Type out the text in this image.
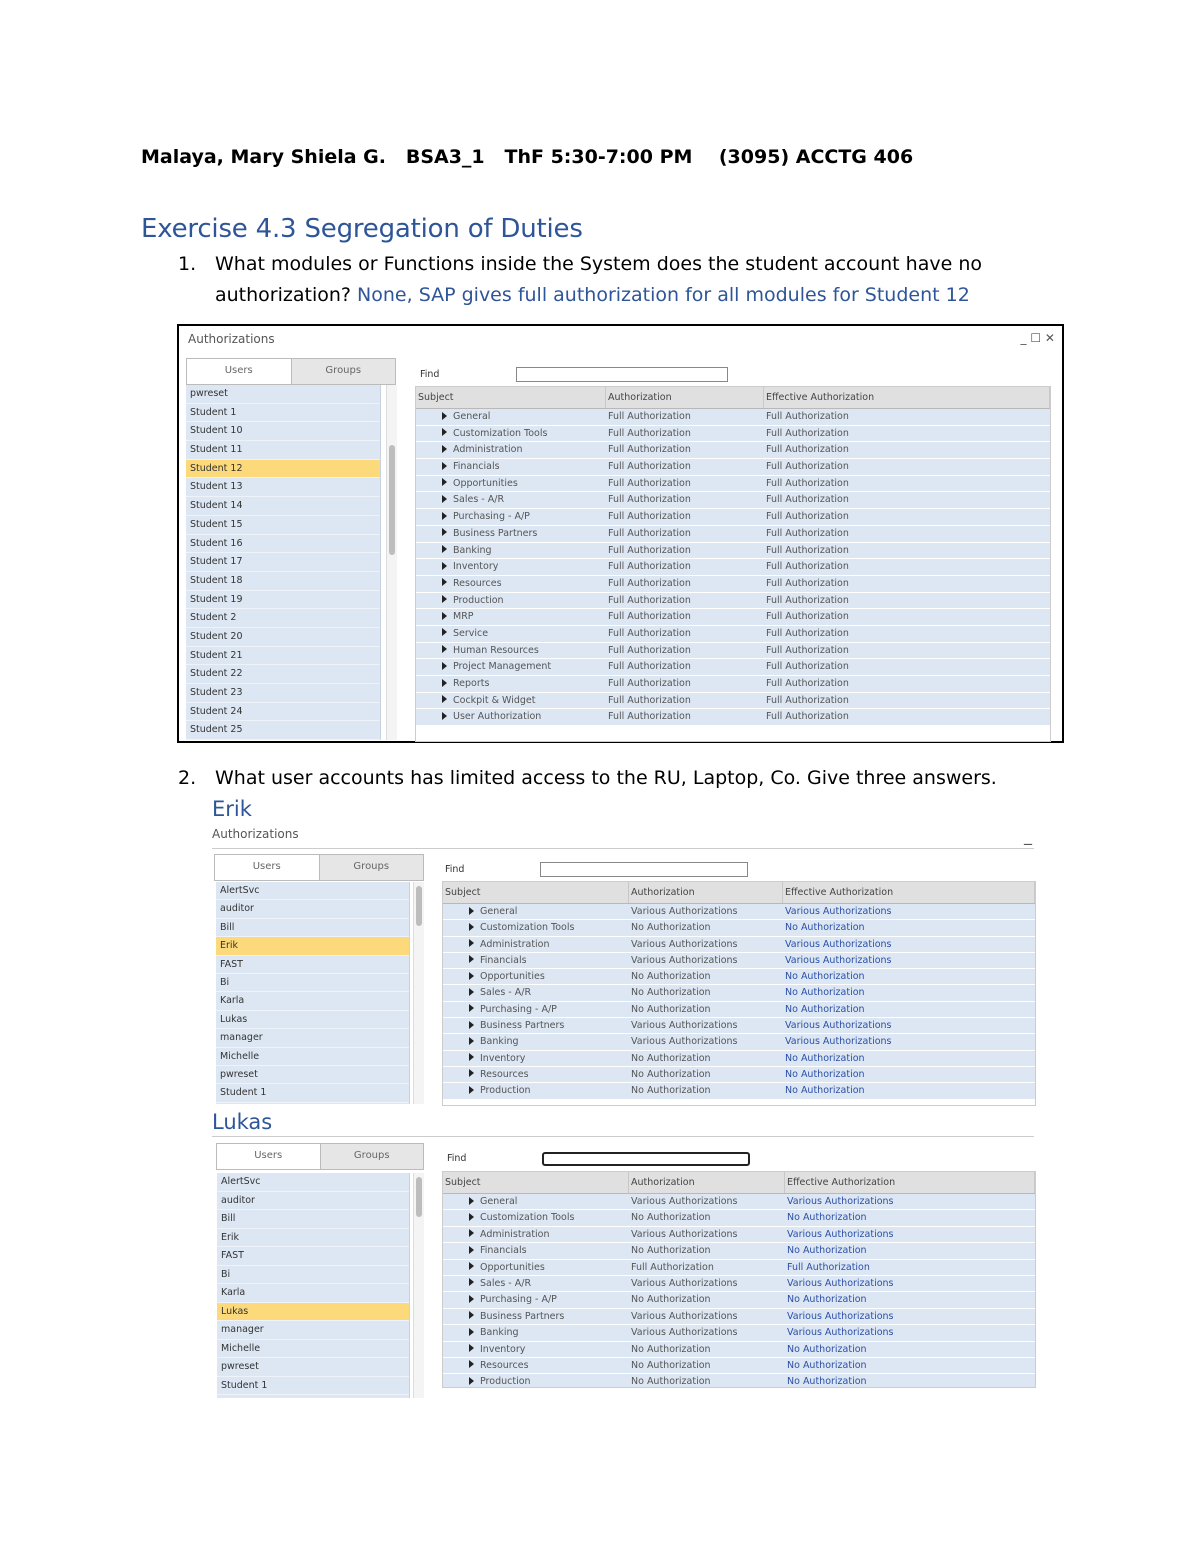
Malaya, Mary Shiela G.   BSA3_1   ThF 5:30-7:00 PM    (3095) ACCTG 406
Exercise 4.3 Segregation of Duties
1. What modules or Functions inside the System does the student account have no
authorization? None, SAP gives full authorization for all modules for Student 12
Authorizations	_ ☐ ✕
Users	Groups
pwreset
Student 1
Student 10
Student 11
Student 12
Student 13
Student 14
Student 15
Student 16
Student 17
Student 18
Student 19
Student 2
Student 20
Student 21
Student 22
Student 23
Student 24
Student 25
Find
Subject	Authorization	Effective Authorization
General	Full Authorization	Full Authorization
Customization Tools	Full Authorization	Full Authorization
Administration	Full Authorization	Full Authorization
Financials	Full Authorization	Full Authorization
Opportunities	Full Authorization	Full Authorization
Sales - A/R	Full Authorization	Full Authorization
Purchasing - A/P	Full Authorization	Full Authorization
Business Partners	Full Authorization	Full Authorization
Banking	Full Authorization	Full Authorization
Inventory	Full Authorization	Full Authorization
Resources	Full Authorization	Full Authorization
Production	Full Authorization	Full Authorization
MRP	Full Authorization	Full Authorization
Service	Full Authorization	Full Authorization
Human Resources	Full Authorization	Full Authorization
Project Management	Full Authorization	Full Authorization
Reports	Full Authorization	Full Authorization
Cockpit & Widget	Full Authorization	Full Authorization
User Authorization	Full Authorization	Full Authorization
2. What user accounts has limited access to the RU, Laptop, Co. Give three answers.
Erik
Authorizations	_
Users	Groups
AlertSvc
auditor
Bill
Erik
FAST
Bi
Karla
Lukas
manager
Michelle
pwreset
Student 1
Find
Subject	Authorization	Effective Authorization
General	Various Authorizations	Various Authorizations
Customization Tools	No Authorization	No Authorization
Administration	Various Authorizations	Various Authorizations
Financials	Various Authorizations	Various Authorizations
Opportunities	No Authorization	No Authorization
Sales - A/R	No Authorization	No Authorization
Purchasing - A/P	No Authorization	No Authorization
Business Partners	Various Authorizations	Various Authorizations
Banking	Various Authorizations	Various Authorizations
Inventory	No Authorization	No Authorization
Resources	No Authorization	No Authorization
Production	No Authorization	No Authorization
Lukas
Users	Groups
AlertSvc
auditor
Bill
Erik
FAST
Bi
Karla
Lukas
manager
Michelle
pwreset
Student 1
Find
Subject	Authorization	Effective Authorization
General	Various Authorizations	Various Authorizations
Customization Tools	No Authorization	No Authorization
Administration	Various Authorizations	Various Authorizations
Financials	No Authorization	No Authorization
Opportunities	Full Authorization	Full Authorization
Sales - A/R	Various Authorizations	Various Authorizations
Purchasing - A/P	No Authorization	No Authorization
Business Partners	Various Authorizations	Various Authorizations
Banking	Various Authorizations	Various Authorizations
Inventory	No Authorization	No Authorization
Resources	No Authorization	No Authorization
Production	No Authorization	No Authorization
